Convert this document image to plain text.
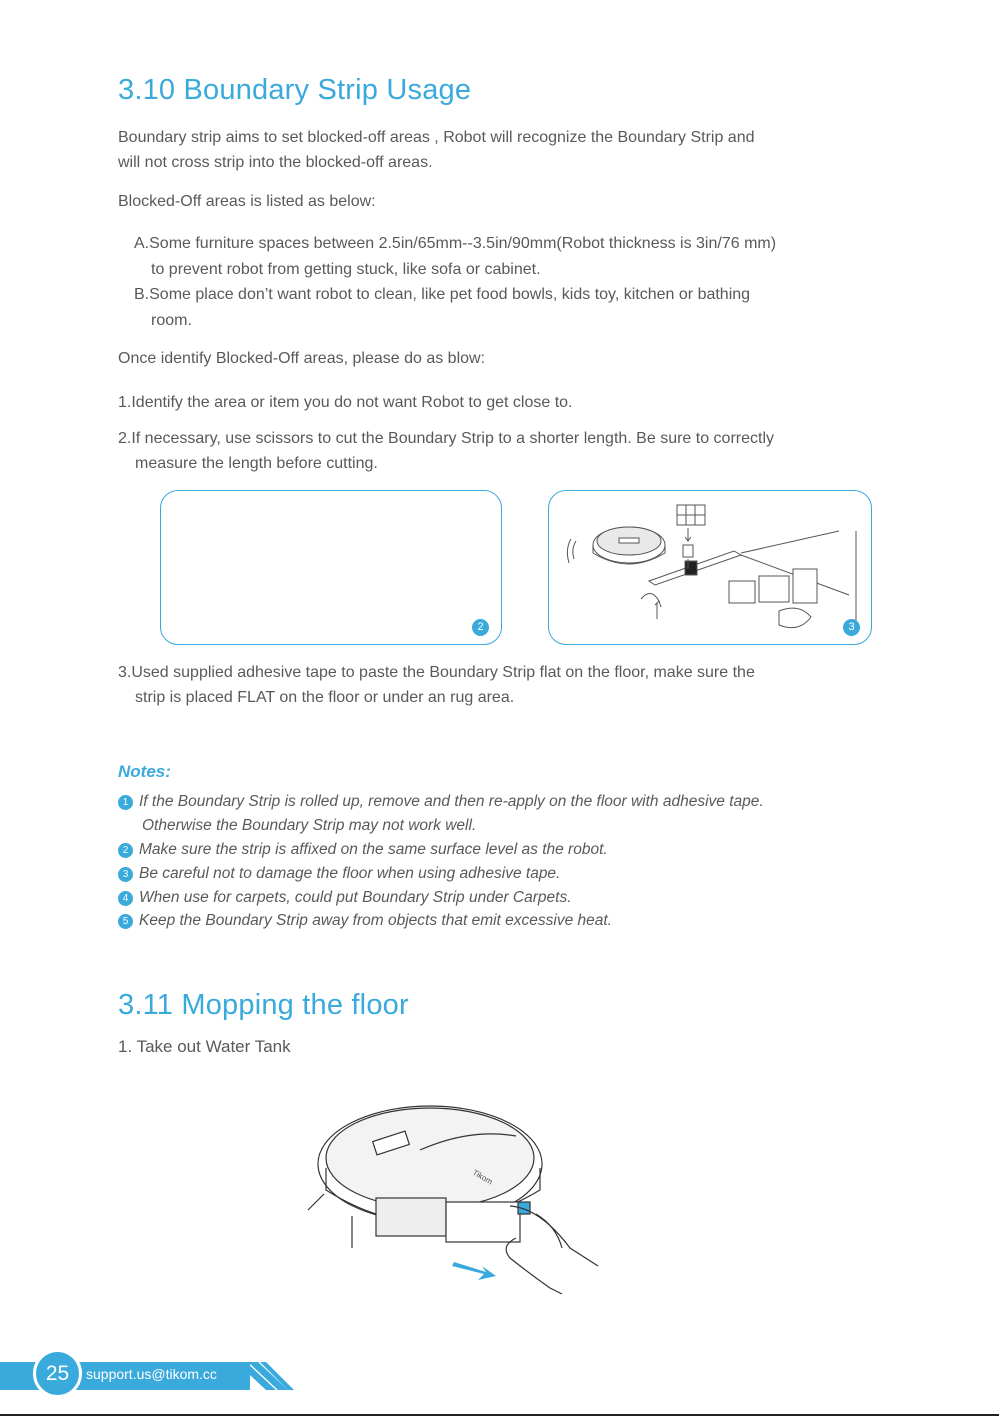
3.10 Boundary Strip Usage
Boundary strip aims to set blocked-off areas , Robot will recognize the Boundary Strip and
will not cross strip into the blocked-off areas.
Blocked-Off areas is listed as below:
A.Some furniture spaces between 2.5in/65mm--3.5in/90mm(Robot thickness is 3in/76 mm)
to prevent robot from getting stuck, like sofa or cabinet.
B.Some place don’t want robot to clean, like pet food bowls, kids toy, kitchen or bathing
room.
Once identify Blocked-Off areas, please do as blow:
1.Identify the area or item you do not want Robot to get close to.
2.If necessary, use scissors to cut the Boundary Strip to a shorter length. Be sure to correctly
measure the length before cutting.
2	3
3.Used supplied adhesive tape to paste the Boundary Strip flat on the floor, make sure the
strip is placed FLAT on the floor or under an rug area.
Notes:
1 If the Boundary Strip is rolled up, remove and then re-apply on the floor with adhesive tape.
Otherwise the Boundary Strip may not work well.
2 Make sure the strip is affixed on the same surface level as the robot.
3 Be careful not to damage the floor when using adhesive tape.
4 When use for carpets, could put Boundary Strip under Carpets.
5 Keep the Boundary Strip away from objects that emit excessive heat.
3.11 Mopping the floor
1. Take out Water Tank
Tikom
25	support.us@tikom.cc
